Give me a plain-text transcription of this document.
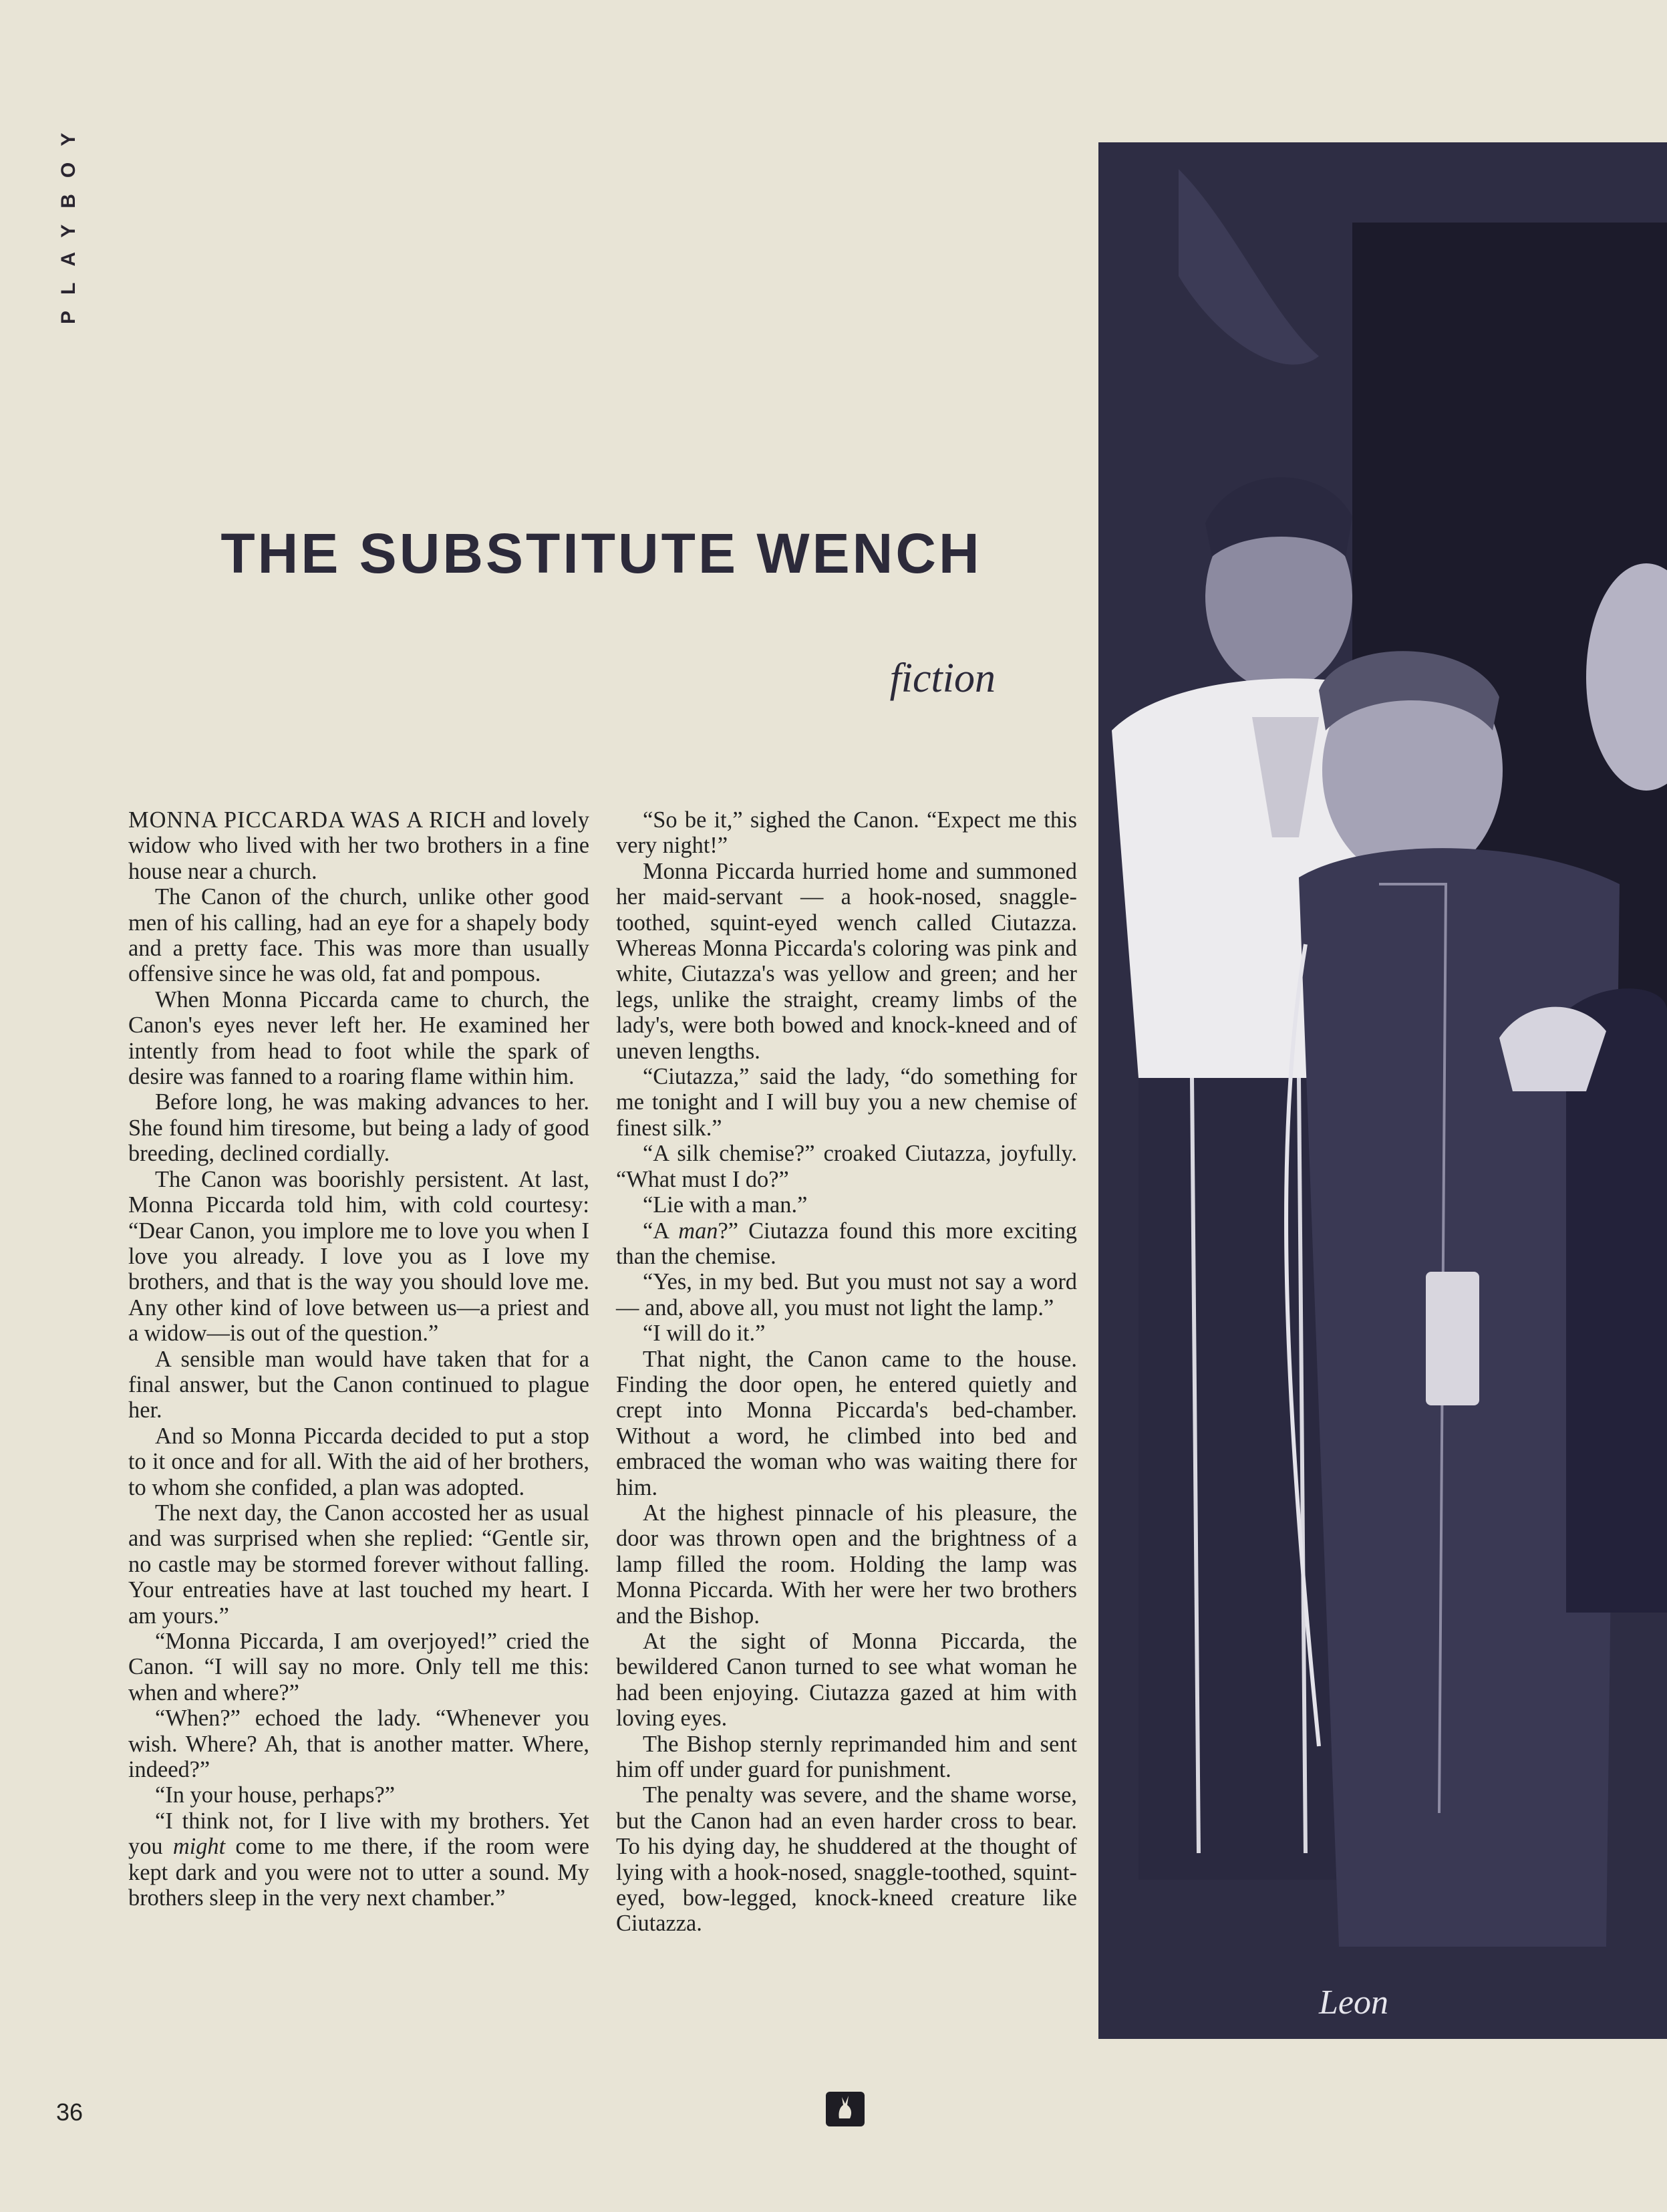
PLAYBOY
THE SUBSTITUTE WENCH
fiction

MONNA PICCARDA WAS A RICH and lovely widow who lived with her two brothers in a fine house near a church.

The Canon of the church, unlike other good men of his calling, had an eye for a shapely body and a pretty face. This was more than usually offensive since he was old, fat and pompous.

When Monna Piccarda came to church, the Canon's eyes never left her. He examined her intently from head to foot while the spark of desire was fanned to a roaring flame within him.

Before long, he was making advances to her. She found him tiresome, but being a lady of good breeding, declined cordially.

The Canon was boorishly persistent. At last, Monna Piccarda told him, with cold courtesy: “Dear Canon, you implore me to love you when I love you already. I love you as I love my brothers, and that is the way you should love me. Any other kind of love between us—a priest and a widow—is out of the question.”

A sensible man would have taken that for a final answer, but the Canon continued to plague her.

And so Monna Piccarda decided to put a stop to it once and for all. With the aid of her brothers, to whom she confided, a plan was adopted.

The next day, the Canon accosted her as usual and was surprised when she replied: “Gentle sir, no castle may be stormed forever without falling. Your entreaties have at last touched my heart. I am yours.”

“Monna Piccarda, I am overjoyed!” cried the Canon. “I will say no more. Only tell me this: when and where?”

“When?” echoed the lady. “Whenever you wish. Where? Ah, that is another matter. Where, indeed?”

“In your house, perhaps?”

“I think not, for I live with my brothers. Yet you might come to me there, if the room were kept dark and you were not to utter a sound. My brothers sleep in the very next chamber.”

“So be it,” sighed the Canon. “Expect me this very night!”

Monna Piccarda hurried home and summoned her maid-servant — a hook-nosed, snaggle-toothed, squint-eyed wench called Ciutazza. Whereas Monna Piccarda's coloring was pink and white, Ciutazza's was yellow and green; and her legs, unlike the straight, creamy limbs of the lady's, were both bowed and knock-kneed and of uneven lengths.

“Ciutazza,” said the lady, “do something for me tonight and I will buy you a new chemise of finest silk.”

“A silk chemise?” croaked Ciutazza, joyfully. “What must I do?”

“Lie with a man.”

“A man?” Ciutazza found this more exciting than the chemise.

“Yes, in my bed. But you must not say a word — and, above all, you must not light the lamp.”

“I will do it.”

That night, the Canon came to the house. Finding the door open, he entered quietly and crept into Monna Piccarda's bed-chamber. Without a word, he climbed into bed and embraced the woman who was waiting there for him.

At the highest pinnacle of his pleasure, the door was thrown open and the brightness of a lamp filled the room. Holding the lamp was Monna Piccarda. With her were her two brothers and the Bishop.

At the sight of Monna Piccarda, the bewildered Canon turned to see what woman he had been enjoying. Ciutazza gazed at him with loving eyes.

The Bishop sternly reprimanded him and sent him off under guard for punishment.

The penalty was severe, and the shame worse, but the Canon had an even harder cross to bear. To his dying day, he shuddered at the thought of lying with a hook-nosed, snaggle-toothed, squint-eyed, bow-legged, knock-kneed creature like Ciutazza.

Leon
36
